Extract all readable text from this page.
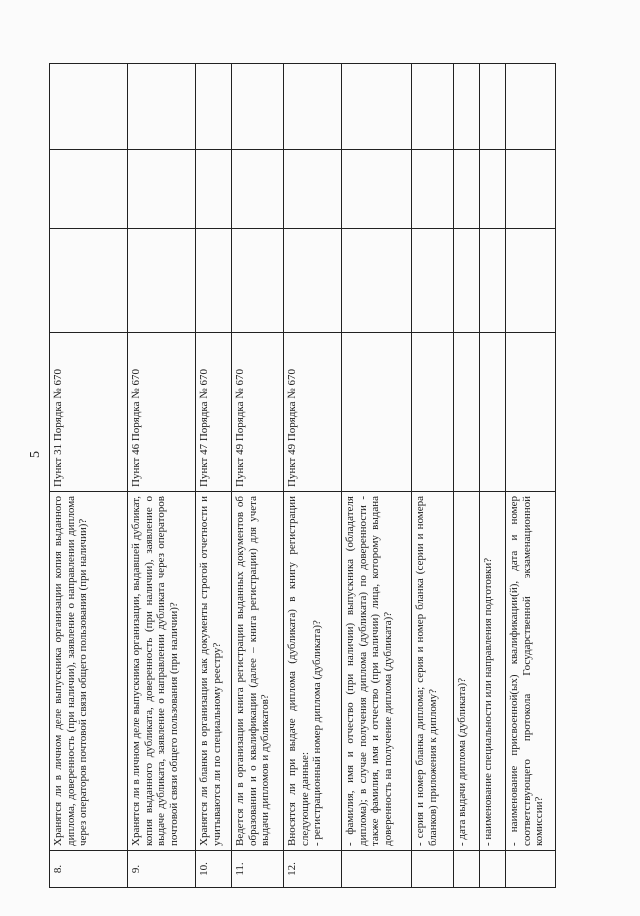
5
8.	Хранятся ли в личном деле выпускника организации копия выданного диплома, доверенность (при наличии), заявление о направлении диплома через операторов почтовой связи общего пользования (при наличии)?	Пункт 31 Порядка № 670			
9.	Хранятся ли в личном деле выпускника организации, выдавшей дубликат, копия выданного дубликата, доверенность (при наличии), заявление о выдаче дубликата, заявление о направлении дубликата через операторов почтовой связи общего пользования (при наличии)?	Пункт 46 Порядка № 670			
10.	Хранятся ли бланки в организации как документы строгой отчетности и учитываются ли по специальному реестру?	Пункт 47 Порядка № 670			
11.	Ведется ли в организации книга регистрации выданных документов об образовании и о квалификации (далее – книга регистрации) для учета выдачи дипломов и дубликатов?	Пункт 49 Порядка № 670			
12.	Вносятся ли при выдаче диплома (дубликата) в книгу регистрации следующие данные:
- регистрационный номер диплома (дубликата)?	Пункт 49 Порядка № 670			
	- фамилия, имя и отчество (при наличии) выпускника (обладателя диплома); в случае получения диплома (дубликата) по доверенности - также фамилия, имя и отчество (при наличии) лица, которому выдана доверенность на получение диплома (дубликата)?				
	- серия и номер бланка диплома; серия и номер бланка (серии и номера бланков) приложения к диплому?				
	- дата выдачи диплома (дубликата)?				
	- наименование специальности или направления подготовки?				
	- наименование присвоенной(ых) квалификации(й), дата и номер соответствующего протокола Государственной экзаменационной комиссии?				
